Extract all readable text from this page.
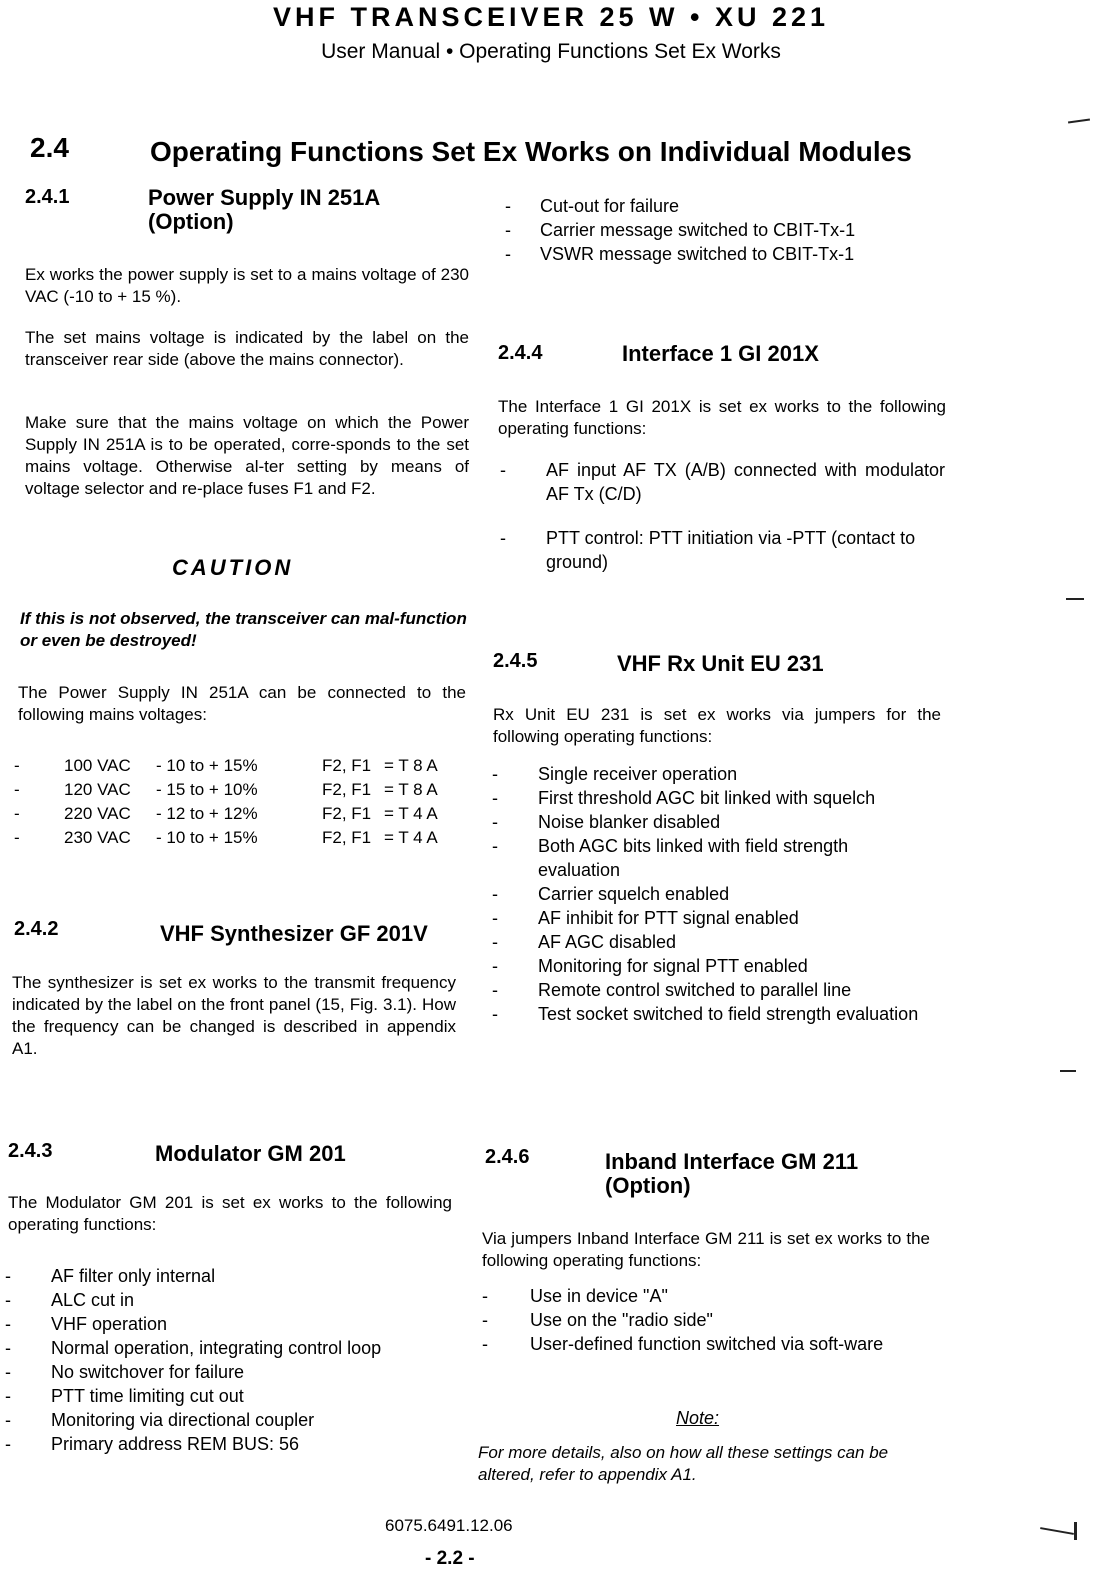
VHF TRANSCEIVER 25 W • XU 221
User Manual • Operating Functions Set Ex Works
2.4	Operating Functions Set Ex Works on Individual Modules
2.4.1	Power Supply IN 251A
(Option)
Ex works the power supply is set to a mains voltage of 230 VAC (-10 to + 15 %).
The set mains voltage is indicated by the label on the transceiver rear side (above the mains connector).
Make sure that the mains voltage on which the Power Supply IN 251A is to be operated, corre-sponds to the set mains voltage. Otherwise al-ter setting by means of voltage selector and re-place fuses F1 and F2.
CAUTION
If this is not observed, the transceiver can mal-function or even be destroyed!
The Power Supply IN 251A can be connected to the following mains voltages:
-	100 VAC - 10 to + 15%	F2, F1 = T 8 A
-	120 VAC - 15 to + 10%	F2, F1 = T 8 A
-	220 VAC - 12 to + 12%	F2, F1 = T 4 A
-	230 VAC - 10 to + 15%	F2, F1 = T 4 A
2.4.2	VHF Synthesizer GF 201V
The synthesizer is set ex works to the transmit frequency indicated by the label on the front panel (15, Fig. 3.1). How the frequency can be changed is described in appendix A1.
2.4.3	Modulator GM 201
The Modulator GM 201 is set ex works to the following operating functions:
- AF filter only internal
- ALC cut in
- VHF operation
- Normal operation, integrating control loop
- No switchover for failure
- PTT time limiting cut out
- Monitoring via directional coupler
- Primary address REM BUS: 56
- Cut-out for failure
- Carrier message switched to CBIT-Tx-1
- VSWR message switched to CBIT-Tx-1
2.4.4	Interface 1 GI 201X
The Interface 1 GI 201X is set ex works to the following operating functions:
- AF input AF TX (A/B) connected with modulator AF Tx (C/D)
- PTT control: PTT initiation via -PTT (contact to ground)
2.4.5	VHF Rx Unit EU 231
Rx Unit EU 231 is set ex works via jumpers for the following operating functions:
- Single receiver operation
- First threshold AGC bit linked with squelch
- Noise blanker disabled
- Both AGC bits linked with field strength evaluation
- Carrier squelch enabled
- AF inhibit for PTT signal enabled
- AF AGC disabled
- Monitoring for signal PTT enabled
- Remote control switched to parallel line
- Test socket switched to field strength evaluation
2.4.6	Inband Interface GM 211
(Option)
Via jumpers Inband Interface GM 211 is set ex works to the following operating functions:
- Use in device "A"
- Use on the "radio side"
- User-defined function switched via soft-ware
Note:
For more details, also on how all these settings can be altered, refer to appendix A1.
6075.6491.12.06
- 2.2 -
